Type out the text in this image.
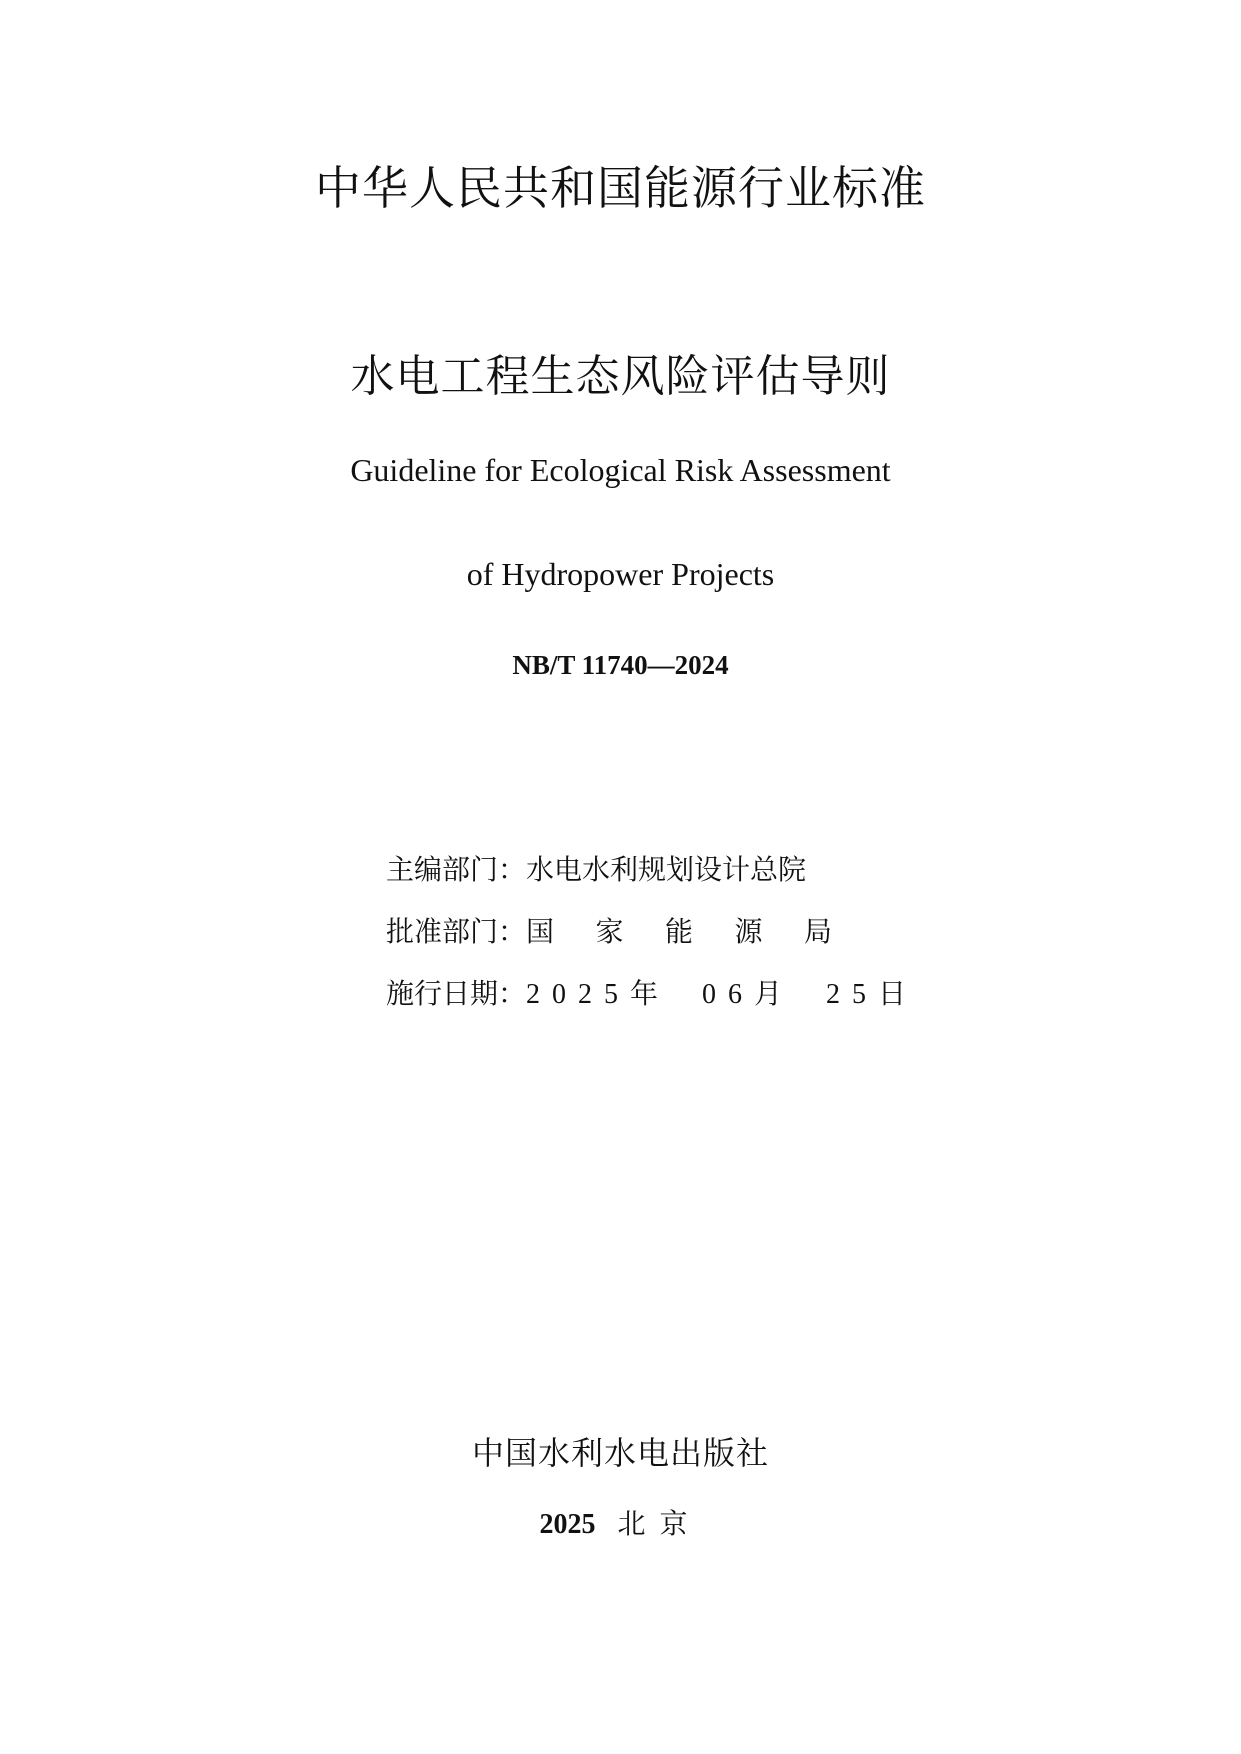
中华人民共和国能源行业标准
水电工程生态风险评估导则
Guideline for Ecological Risk Assessment
of Hydropower Projects
NB/T 11740—2024
主编部门： 水电水利规划设计总院
批准部门： 国 家 能 源 局
施行日期： 2025 年 06 月 25 日
中国水利水电出版社
2025 北京
